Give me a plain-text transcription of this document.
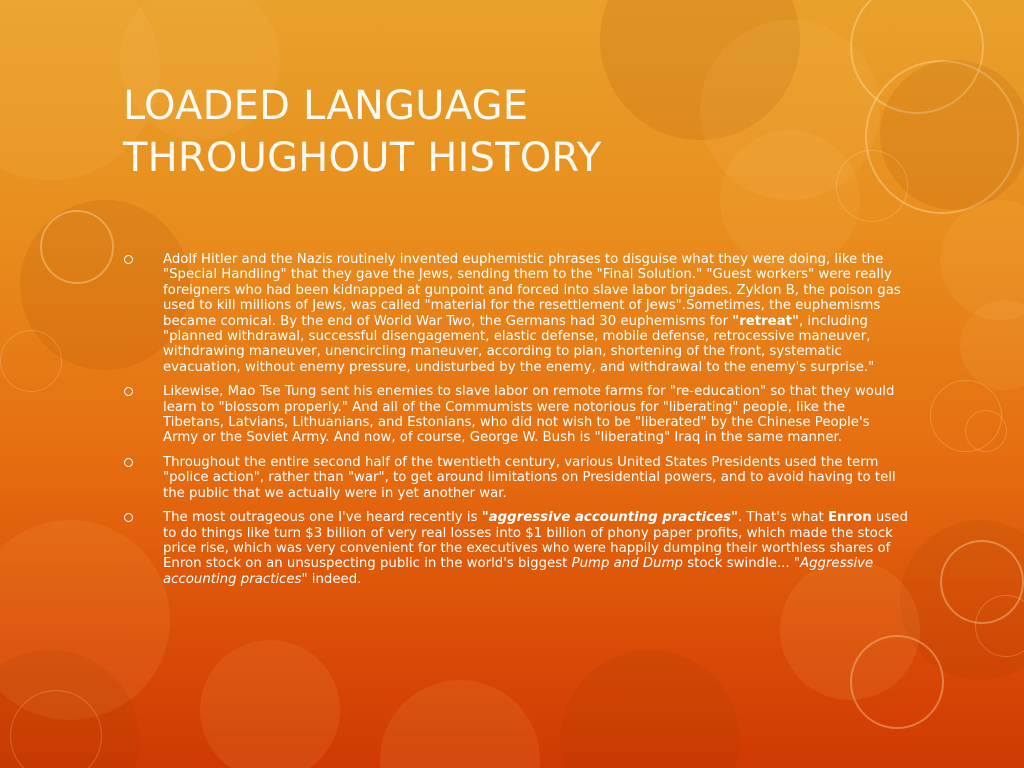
LOADED LANGUAGE
THROUGHOUT HISTORY
Adolf Hitler and the Nazis routinely invented euphemistic phrases to disguise what they were doing, like the "Special Handling" that they gave the Jews, sending them to the "Final Solution." "Guest workers" were really foreigners who had been kidnapped at gunpoint and forced into slave labor brigades. Zyklon B, the poison gas used to kill millions of Jews, was called "material for the resettlement of Jews".Sometimes, the euphemisms became comical. By the end of World War Two, the Germans had 30 euphemisms for "retreat", including "planned withdrawal, successful disengagement, elastic defense, mobile defense, retrocessive maneuver, withdrawing maneuver, unencircling maneuver, according to plan, shortening of the front, systematic evacuation, without enemy pressure, undisturbed by the enemy, and withdrawal to the enemy's surprise."
Likewise, Mao Tse Tung sent his enemies to slave labor on remote farms for "re-education" so that they would learn to "blossom properly." And all of the Commumists were notorious for "liberating" people, like the Tibetans, Latvians, Lithuanians, and Estonians, who did not wish to be "liberated" by the Chinese People's Army or the Soviet Army. And now, of course, George W. Bush is "liberating" Iraq in the same manner.
Throughout the entire second half of the twentieth century, various United States Presidents used the term "police action", rather than "war", to get around limitations on Presidential powers, and to avoid having to tell the public that we actually were in yet another war.
The most outrageous one I've heard recently is "aggressive accounting practices". That's what Enron used to do things like turn $3 billion of very real losses into $1 billion of phony paper profits, which made the stock price rise, which was very convenient for the executives who were happily dumping their worthless shares of Enron stock on an unsuspecting public in the world's biggest Pump and Dump stock swindle... "Aggressive accounting practices" indeed.
